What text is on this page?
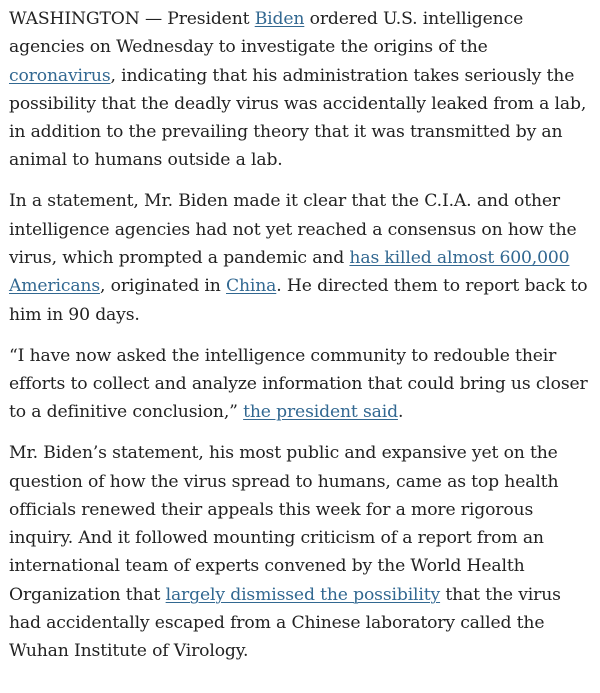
WASHINGTON — President Biden ordered U.S. intelligence agencies on Wednesday to investigate the origins of the coronavirus, indicating that his administration takes seriously the possibility that the deadly virus was accidentally leaked from a lab, in addition to the prevailing theory that it was transmitted by an animal to humans outside a lab.

In a statement, Mr. Biden made it clear that the C.I.A. and other intelligence agencies had not yet reached a consensus on how the virus, which prompted a pandemic and has killed almost 600,000 Americans, originated in China. He directed them to report back to him in 90 days.

“I have now asked the intelligence community to redouble their efforts to collect and analyze information that could bring us closer to a definitive conclusion,” the president said.

Mr. Biden’s statement, his most public and expansive yet on the question of how the virus spread to humans, came as top health officials renewed their appeals this week for a more rigorous inquiry. And it followed mounting criticism of a report from an international team of experts convened by the World Health Organization that largely dismissed the possibility that the virus had accidentally escaped from a Chinese laboratory called the Wuhan Institute of Virology.
